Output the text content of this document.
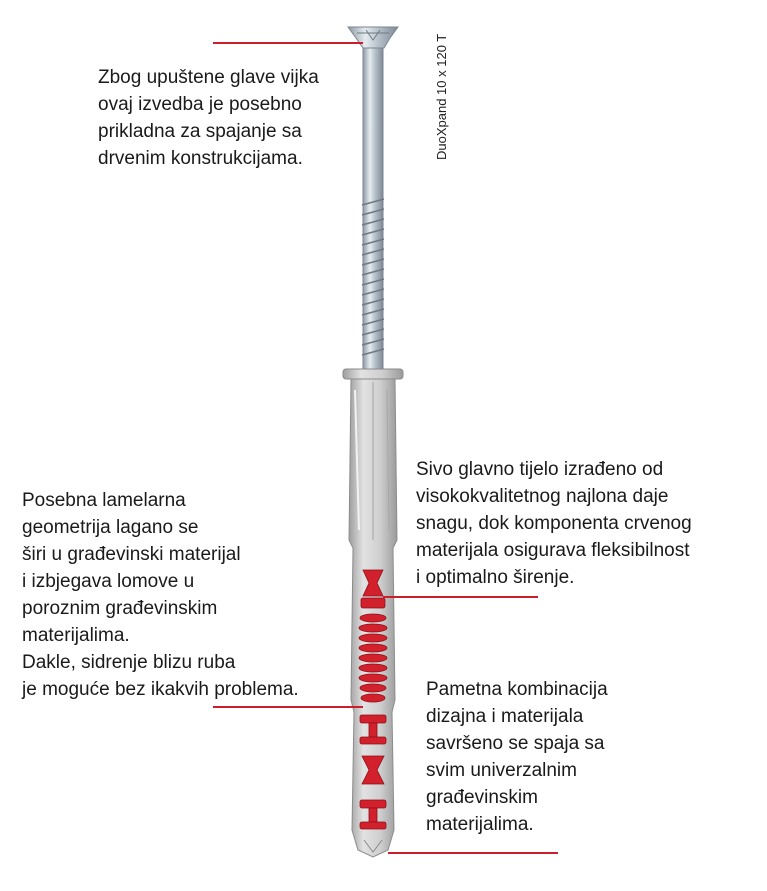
DuoXpand 10 x 120 T
Zbog upuštene glave vijka
ovaj izvedba je posebno
prikladna za spajanje sa
drvenim konstrukcijama.
Posebna lamelarna
geometrija lagano se
širi u građevinski materijal
i izbjegava lomove u
poroznim građevinskim
materijalima.
Dakle, sidrenje blizu ruba
je moguće bez ikakvih problema.
Sivo glavno tijelo izrađeno od
visokokvalitetnog najlona daje
snagu, dok komponenta crvenog
materijala osigurava fleksibilnost
i optimalno širenje.
Pametna kombinacija
dizajna i materijala
savršeno se spaja sa
svim univerzalnim
građevinskim
materijalima.
